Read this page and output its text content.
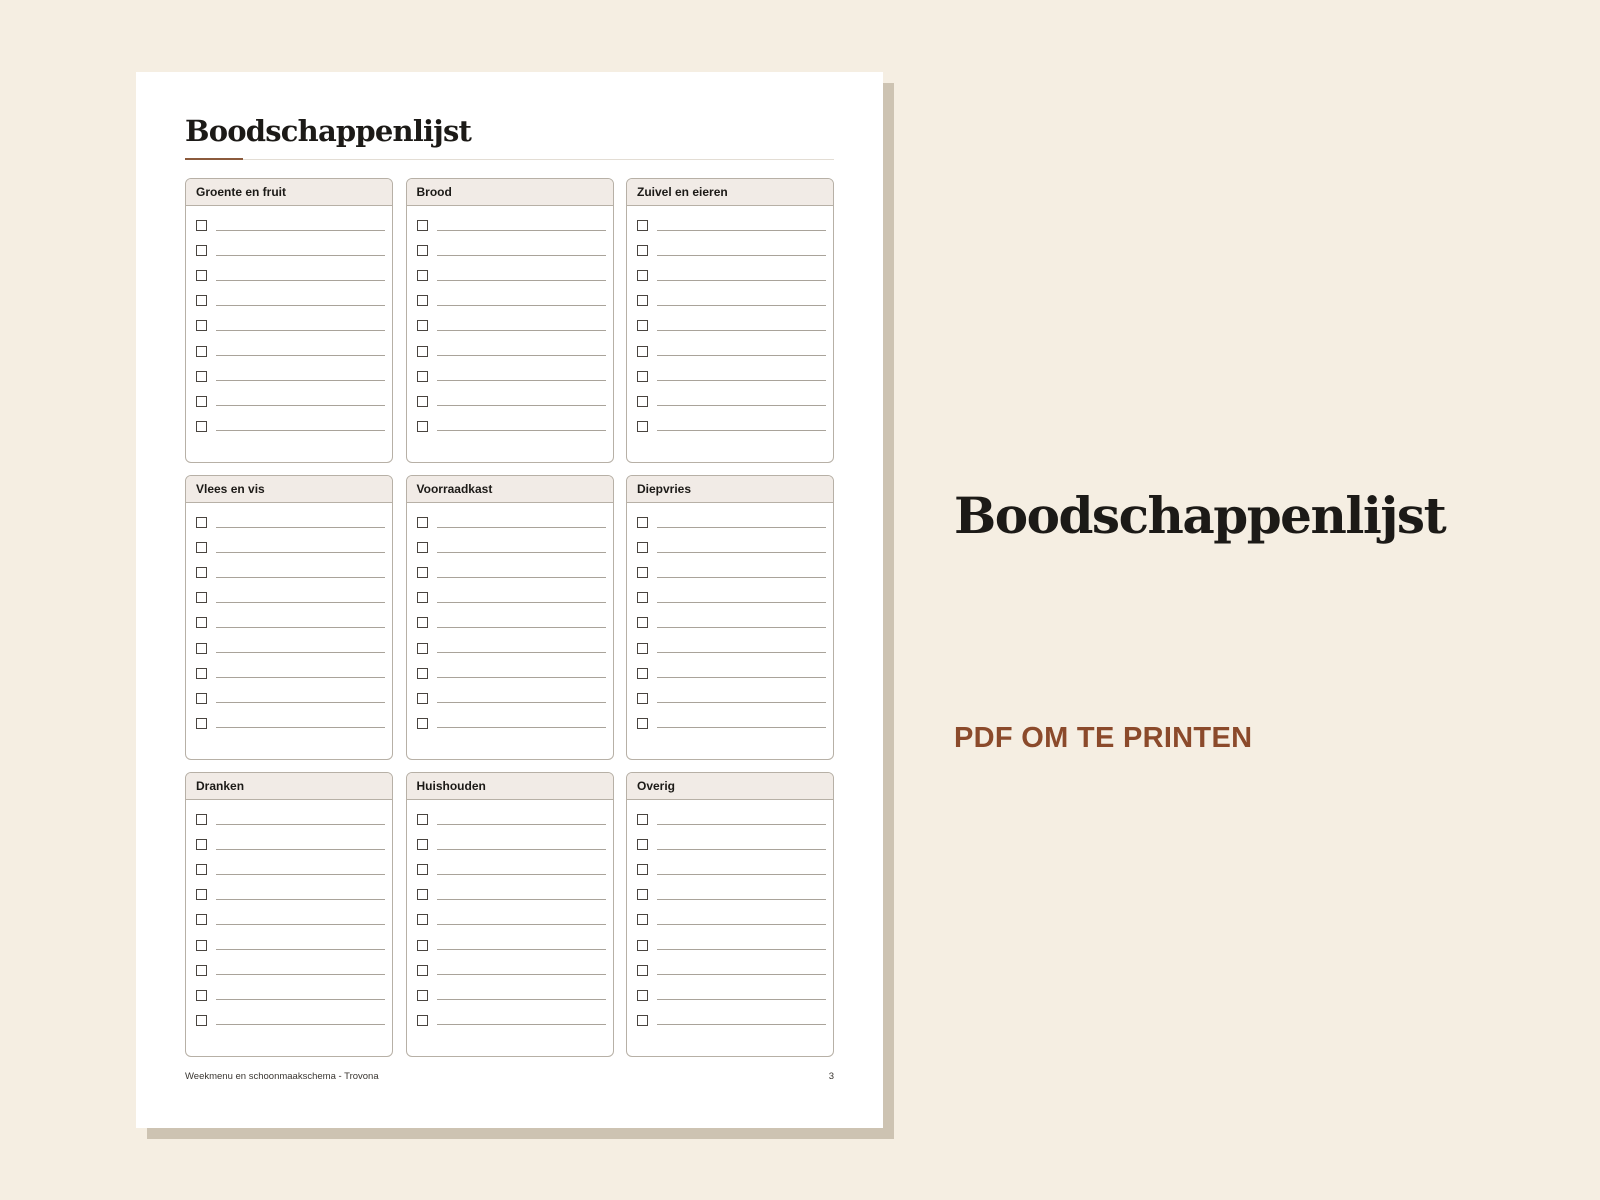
Boodschappenlijst
Groente en fruit	Brood	Zuivel en eieren
Vlees en vis	Voorraadkast	Diepvries
Dranken	Huishouden	Overig
Weekmenu en schoonmaakschema - Trovona	3
Boodschappenlijst
PDF OM TE PRINTEN
